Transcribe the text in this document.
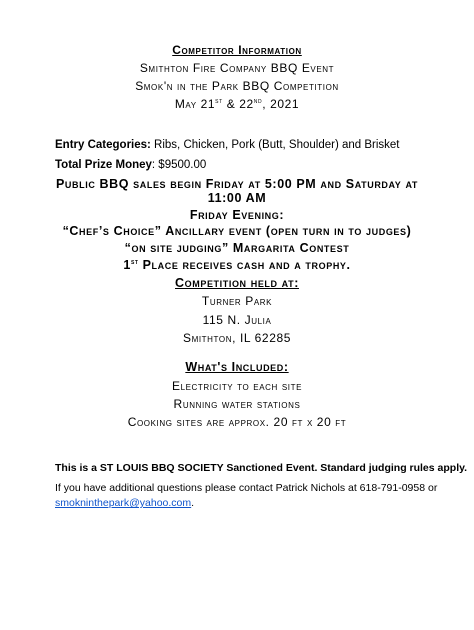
Competitor Information
Smithton Fire Company BBQ Event
Smok'n in the Park BBQ Competition
May 21st & 22nd, 2021
Entry Categories: Ribs, Chicken, Pork (Butt, Shoulder) and Brisket
Total Prize Money: $9500.00
Public BBQ sales begin Friday at 5:00 PM and Saturday at
11:00 AM
Friday Evening:
“Chef’s Choice” Ancillary event (open turn in to judges)
“on site judging” Margarita Contest
1st Place receives cash and a trophy.
Competition held at:
Turner Park
115 N. Julia
Smithton, IL 62285
What's Included:
Electricity to each site
Running water stations
Cooking sites are approx. 20 ft x 20 ft
This is a ST LOUIS BBQ SOCIETY Sanctioned Event. Standard judging rules apply.
If you have additional questions please contact Patrick Nichols at 618-791-0958 or
smokninthepark@yahoo.com.
